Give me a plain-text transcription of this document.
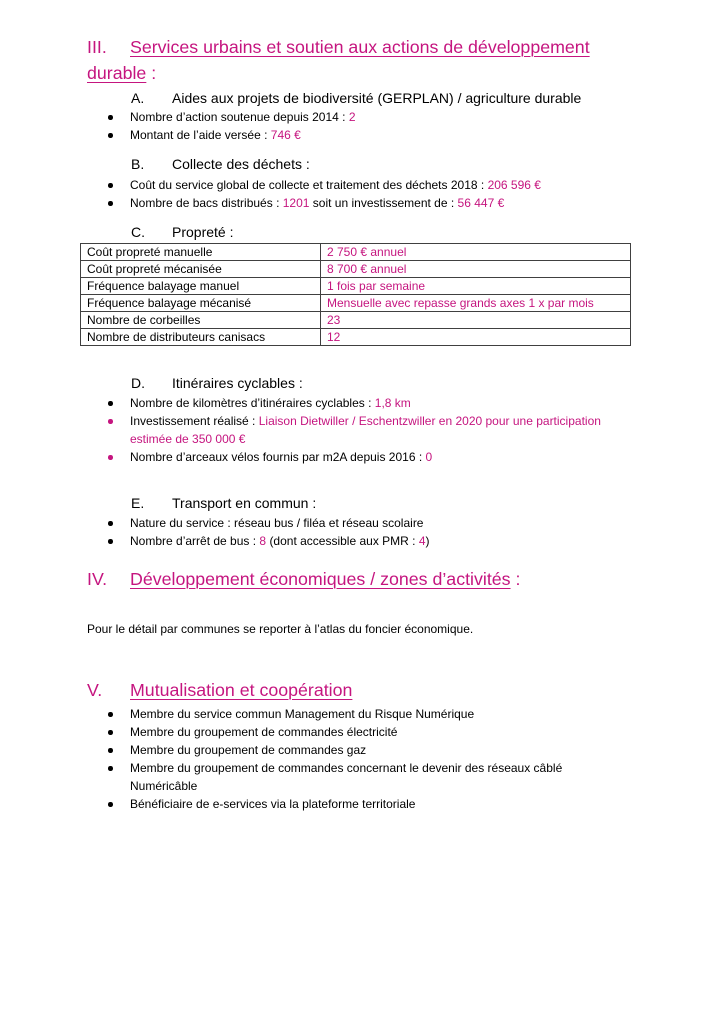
III. Services urbains et soutien aux actions de développement durable :
A. Aides aux projets de biodiversité (GERPLAN) / agriculture durable
Nombre d’action soutenue depuis 2014 : 2
Montant de l’aide versée : 746 €
B. Collecte des déchets :
Coût du service global de collecte et traitement des déchets 2018 : 206 596 €
Nombre de bacs distribués : 1201 soit un investissement de : 56 447 €
C. Propreté :
Coût propreté manuelle	2 750 € annuel
Coût propreté mécanisée	8 700 € annuel
Fréquence balayage manuel	1 fois par semaine
Fréquence balayage mécanisé	Mensuelle avec repasse grands axes 1 x par mois
Nombre de corbeilles	23
Nombre de distributeurs canisacs	12
D. Itinéraires cyclables :
Nombre de kilomètres d’itinéraires cyclables : 1,8 km
Investissement réalisé : Liaison Dietwiller / Eschentzwiller en 2020 pour une participation estimée de 350 000 €
Nombre d’arceaux vélos fournis par m2A depuis 2016 : 0
E. Transport en commun :
Nature du service : réseau bus / filéa et réseau scolaire
Nombre d’arrêt de bus : 8 (dont accessible aux PMR : 4)
IV. Développement économiques / zones d’activités :

Pour le détail par communes se reporter à l’atlas du foncier économique.

V. Mutualisation et coopération
Membre du service commun Management du Risque Numérique
Membre du groupement de commandes électricité
Membre du groupement de commandes gaz
Membre du groupement de commandes concernant le devenir des réseaux câblé Numéricâble
Bénéficiaire de e-services via la plateforme territoriale
